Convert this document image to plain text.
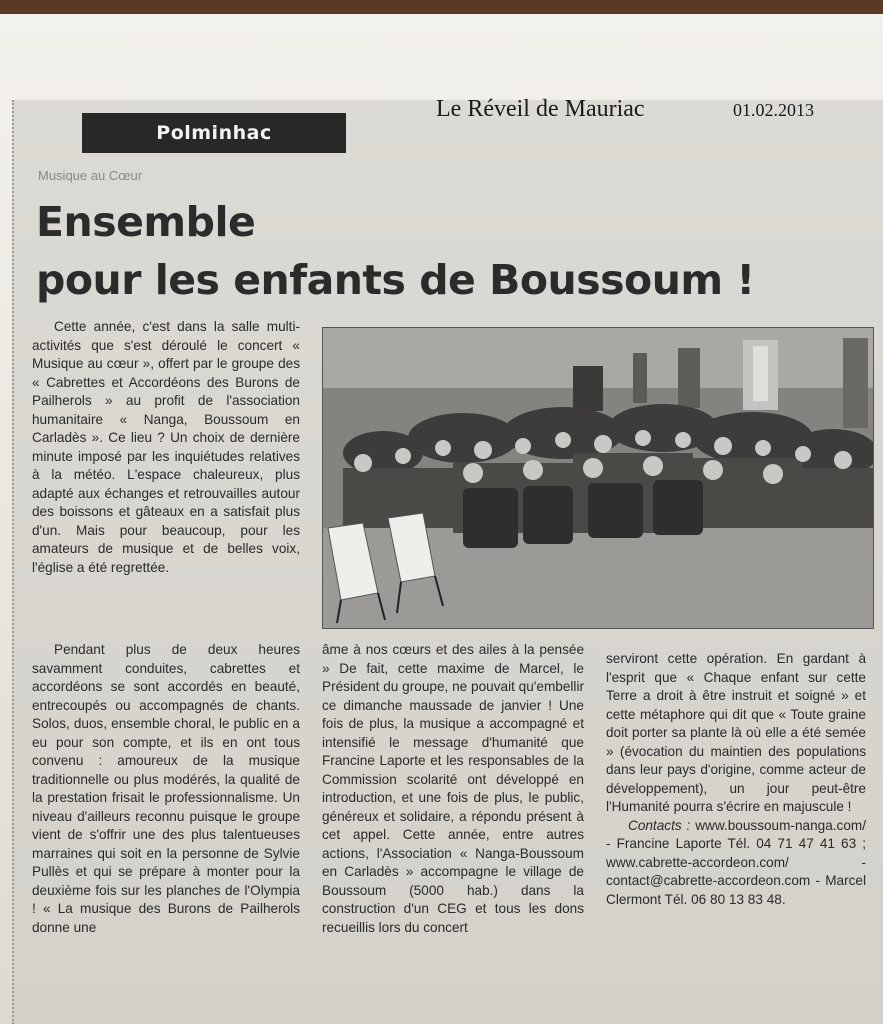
Le Réveil de Mauriac	01.02.2013
Polminhac
Musique au Cœur
Ensemble
pour les enfants de Boussoum !

Cette année, c'est dans la salle multi-activités que s'est déroulé le concert « Musique au cœur », offert par le groupe des « Cabrettes et Accordéons des Burons de Pailherols » au profit de l'association humanitaire « Nanga, Boussoum en Carladès ». Ce lieu ? Un choix de dernière minute imposé par les inquiétudes relatives à la météo. L'espace chaleureux, plus adapté aux échanges et retrouvailles autour des boissons et gâteaux en a satisfait plus d'un. Mais pour beaucoup, pour les amateurs de musique et de belles voix, l'église a été regrettée.

Pendant plus de deux heures savamment conduites, cabrettes et accordéons se sont accordés en beauté, entrecoupés ou accompagnés de chants. Solos, duos, ensemble choral, le public en a eu pour son compte, et ils en ont tous convenu : amoureux de la musique traditionnelle ou plus modérés, la qualité de la prestation frisait le professionnalisme. Un niveau d'ailleurs reconnu puisque le groupe vient de s'offrir une des plus talentueuses marraines qui soit en la personne de Sylvie Pullès et qui se prépare à monter pour la deuxième fois sur les planches de l'Olympia ! « La musique des Burons de Pailherols donne une

âme à nos cœurs et des ailes à la pensée » De fait, cette maxime de Marcel, le Président du groupe, ne pouvait qu'embellir ce dimanche maussade de janvier ! Une fois de plus, la musique a accompagné et intensifié le message d'humanité que Francine Laporte et les responsables de la Commission scolarité ont développé en introduction, et une fois de plus, le public, généreux et solidaire, a répondu présent à cet appel. Cette année, entre autres actions, l'Association « Nanga-Boussoum en Carladès » accompagne le village de Boussoum (5000 hab.) dans la construction d'un CEG et tous les dons recueillis lors du concert

serviront cette opération. En gardant à l'esprit que « Chaque enfant sur cette Terre a droit à être instruit et soigné » et cette métaphore qui dit que « Toute graine doit porter sa plante là où elle a été semée » (évocation du maintien des populations dans leur pays d'origine, comme acteur de développement), un jour peut-être l'Humanité pourra s'écrire en majuscule !
Contacts : www.boussoum-nanga.com/ - Francine Laporte Tél. 04 71 47 41 63 ; www.cabrette-accordeon.com/ - contact@cabrette-accordeon.com - Marcel Clermont Tél. 06 80 13 83 48.
